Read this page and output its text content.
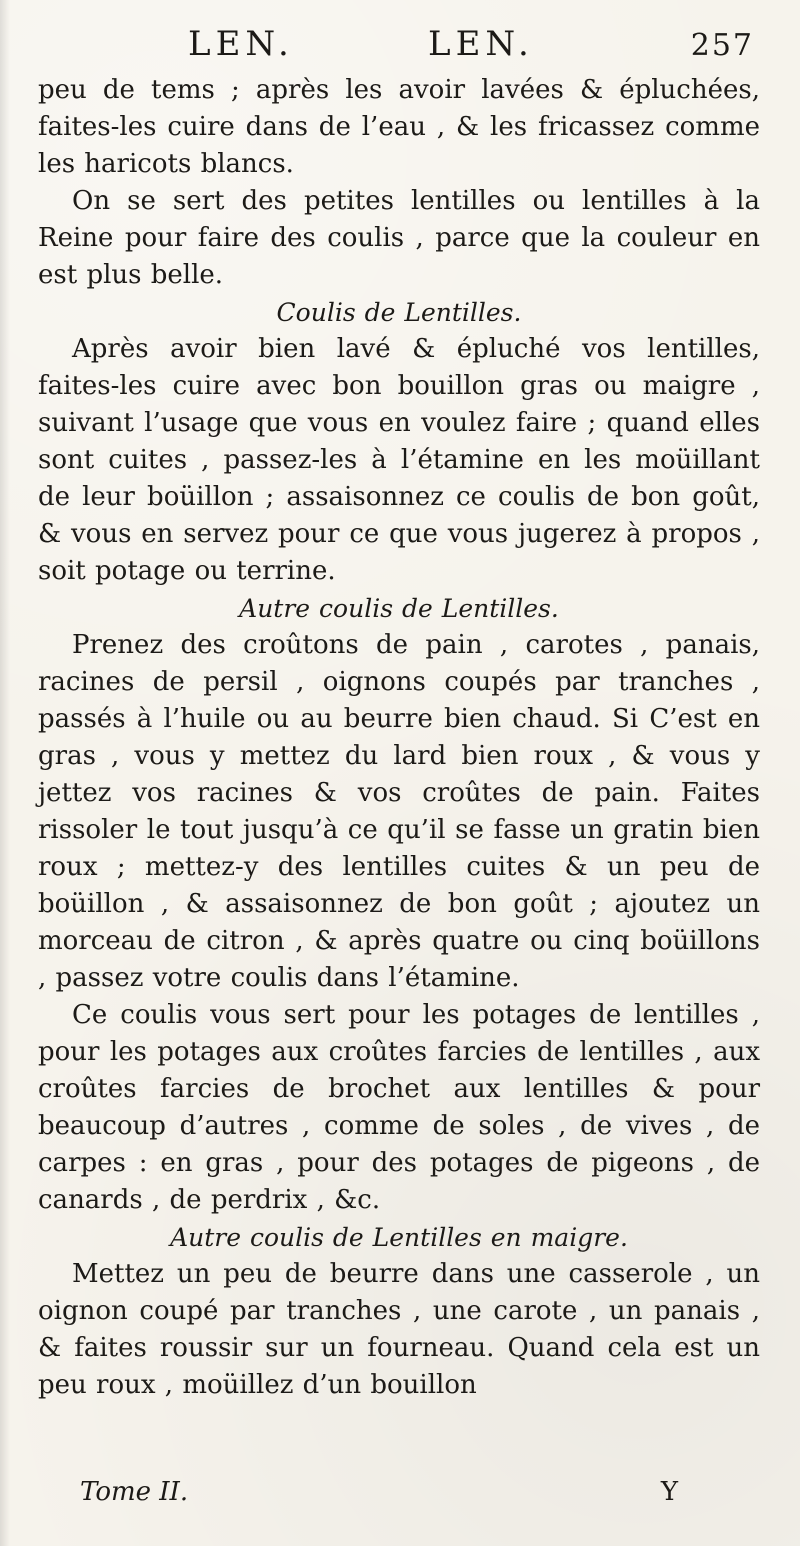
LEN.	LEN.	257

peu de tems ; après les avoir lavées & épluchées, faites-les cuire dans de l’eau , & les fricassez comme les haricots blancs.

On se sert des petites lentilles ou lentilles à la Reine pour faire des coulis , parce que la couleur en est plus belle.

Coulis de Lentilles.

Après avoir bien lavé & épluché vos lentilles, faites-les cuire avec bon bouillon gras ou maigre , suivant l’usage que vous en voulez faire ; quand elles sont cuites , passez-les à l’étamine en les moüillant de leur boüillon ; assaisonnez ce coulis de bon goût, & vous en servez pour ce que vous jugerez à propos , soit potage ou terrine.

Autre coulis de Lentilles.

Prenez des croûtons de pain , carotes , panais, racines de persil , oignons coupés par tranches , passés à l’huile ou au beurre bien chaud. Si C’est en gras , vous y mettez du lard bien roux , & vous y jettez vos racines & vos croûtes de pain. Faites rissoler le tout jusqu’à ce qu’il se fasse un gratin bien roux ; mettez-y des lentilles cuites & un peu de boüillon , & assaisonnez de bon goût ; ajoutez un morceau de citron , & après quatre ou cinq boüillons , passez votre coulis dans l’étamine.

Ce coulis vous sert pour les potages de lentilles , pour les potages aux croûtes farcies de lentilles , aux croûtes farcies de brochet aux lentilles & pour beaucoup d’autres , comme de soles , de vives , de carpes : en gras , pour des potages de pigeons , de canards , de perdrix , &c.

Autre coulis de Lentilles en maigre.

Mettez un peu de beurre dans une casserole , un oignon coupé par tranches , une carote , un panais , & faites roussir sur un fourneau. Quand cela est un peu roux , moüillez d’un bouillon

Tome II.	Y
